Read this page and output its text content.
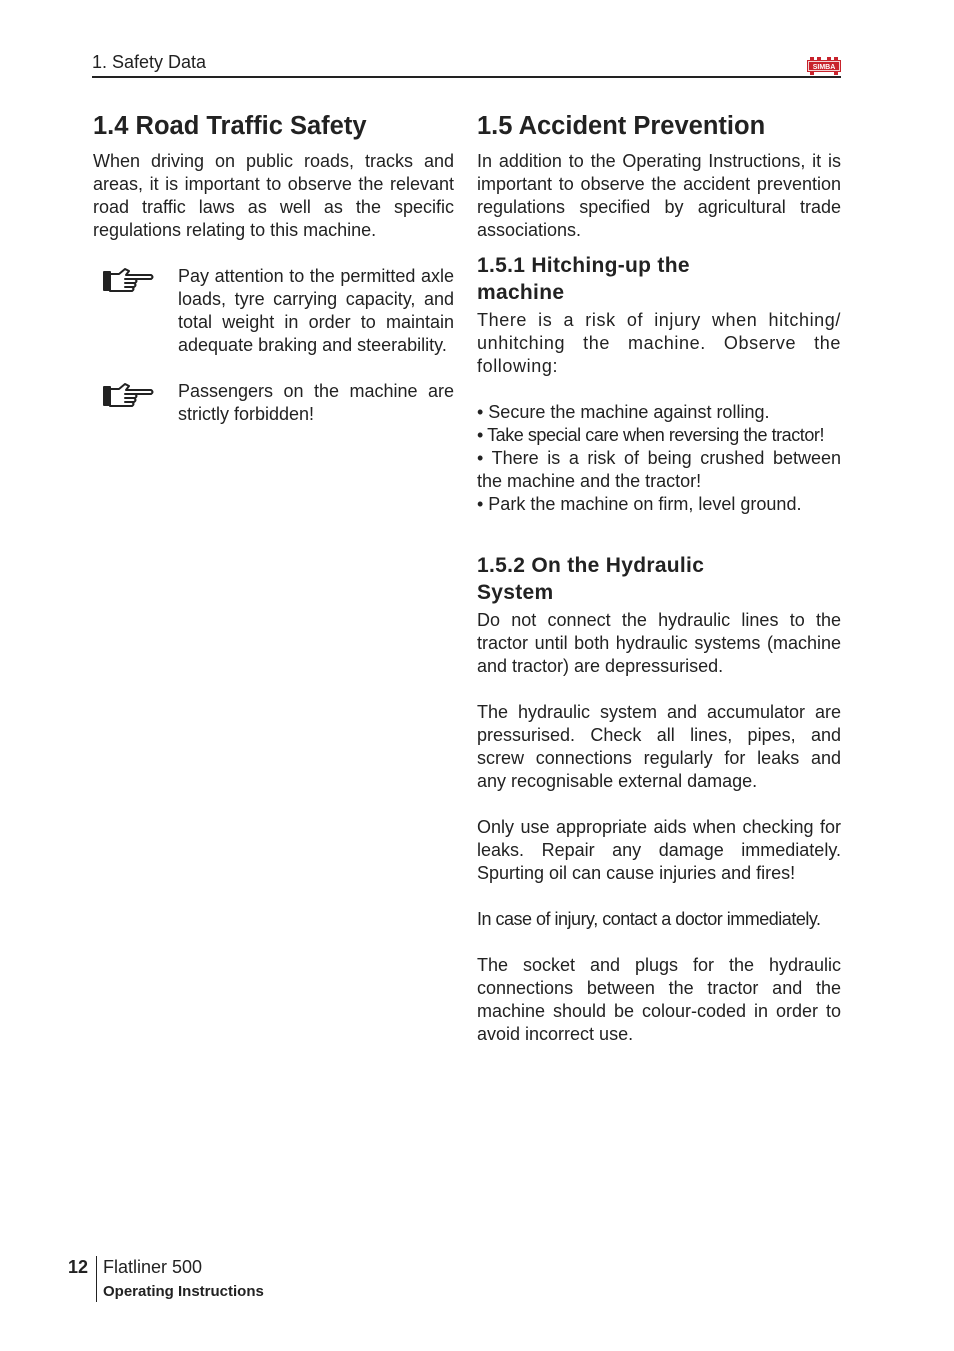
1. Safety Data	SIMBA
1.4 Road Traffic Safety

When driving on public roads, tracks and areas, it is important to observe the relevant road traffic laws as well as the specific regulations relating to this machine.

Pay attention to the permitted axle loads, tyre carrying capacity, and total weight in order to maintain adequate braking and steerability.

Passengers on the machine are strictly forbidden!

1.5 Accident Prevention

In addition to the Operating Instructions, it is important to observe the accident prevention regulations specified by agricultural trade associations.

1.5.1 Hitching-up the
machine

There is a risk of injury when hitching/ unhitching the machine. Observe the following:

• Secure the machine against rolling.

• Take special care when reversing the tractor!

• There is a risk of being crushed between the machine and the tractor!

• Park the machine on firm, level ground.

1.5.2 On the Hydraulic
System

Do not connect the hydraulic lines to the tractor until both hydraulic systems (machine and tractor) are depressurised.

The hydraulic system and accumulator are pressurised. Check all lines, pipes, and screw connections regularly for leaks and any recognisable external damage.

Only use appropriate aids when checking for leaks. Repair any damage immediately. Spurting oil can cause injuries and fires!

In case of injury, contact a doctor immediately.

The socket and plugs for the hydraulic connections between the tractor and the machine should be colour-coded in order to avoid incorrect use.

12 Flatliner 500
Operating Instructions
